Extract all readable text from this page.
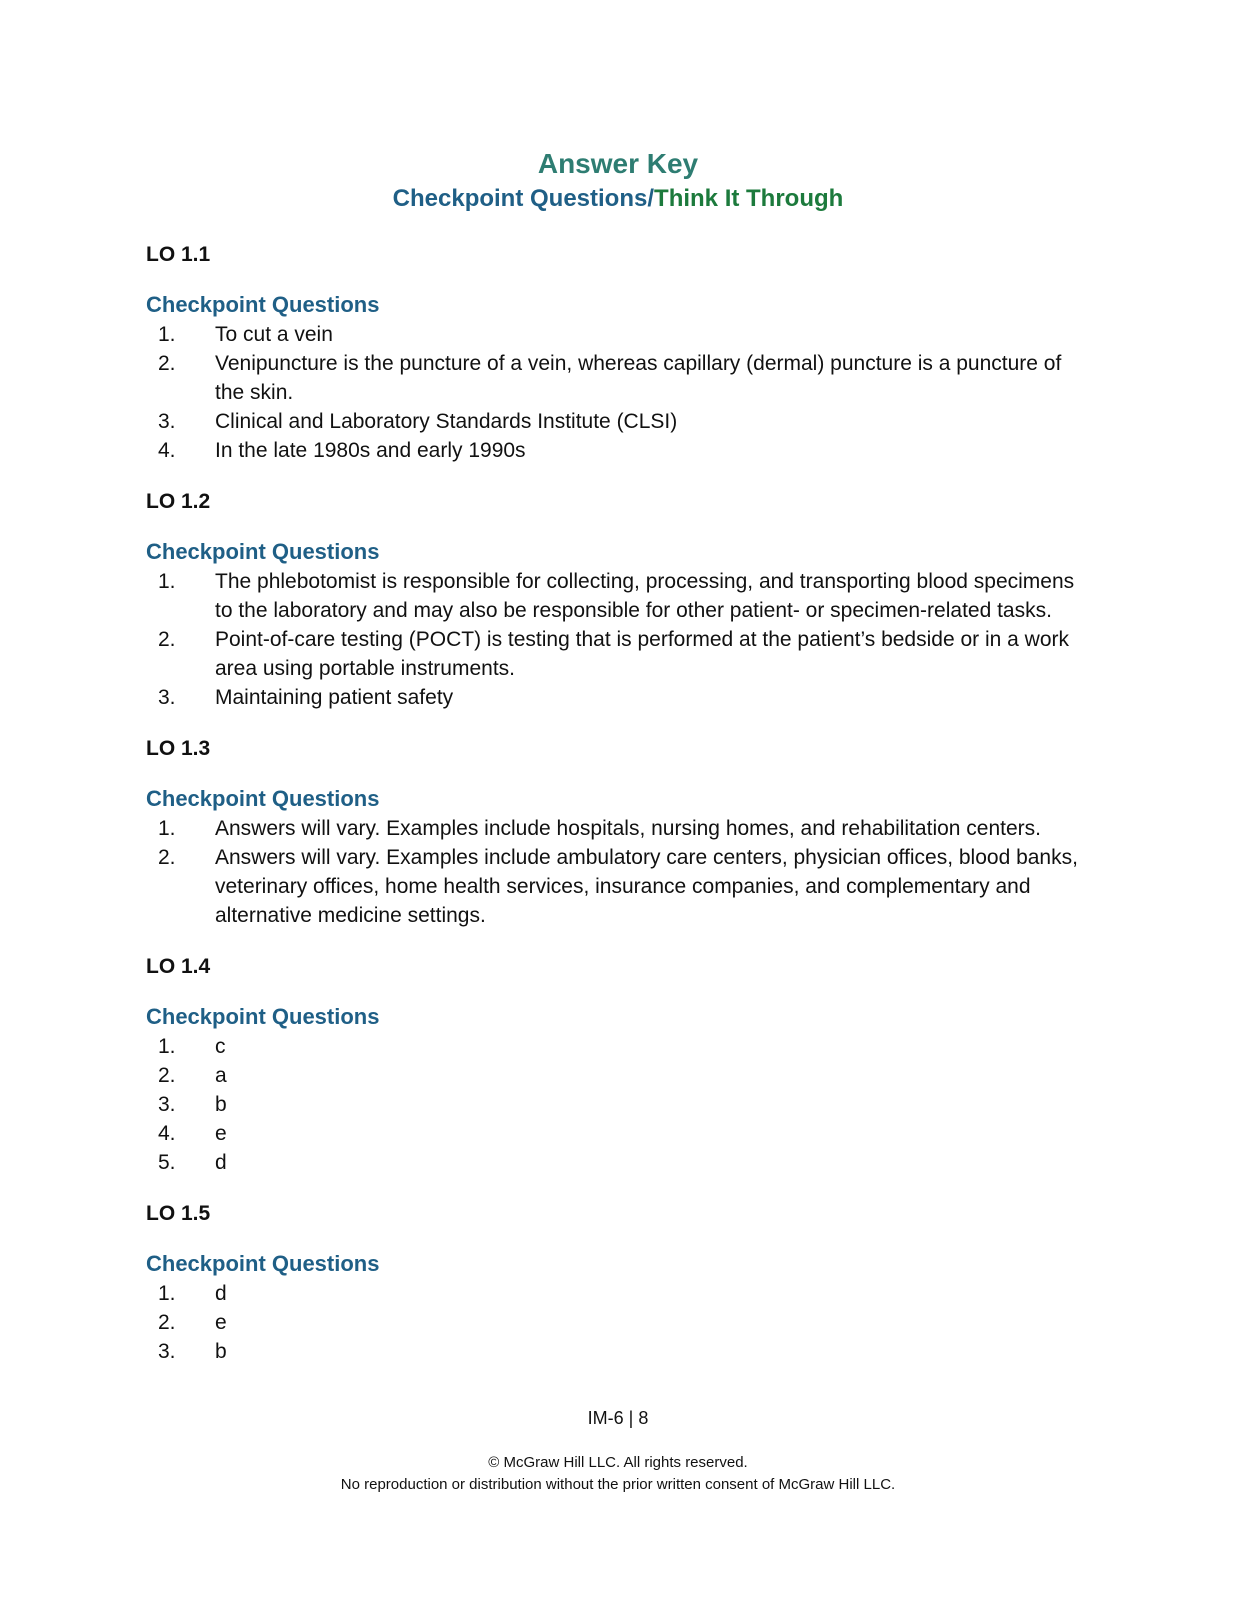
Answer Key

Checkpoint Questions/Think It Through

LO 1.1
Checkpoint Questions
1. To cut a vein
2. Venipuncture is the puncture of a vein, whereas capillary (dermal) puncture is a puncture of the skin.
3. Clinical and Laboratory Standards Institute (CLSI)
4. In the late 1980s and early 1990s
LO 1.2
Checkpoint Questions
1. The phlebotomist is responsible for collecting, processing, and transporting blood specimens to the laboratory and may also be responsible for other patient- or specimen-related tasks.
2. Point-of-care testing (POCT) is testing that is performed at the patient’s bedside or in a work area using portable instruments.
3. Maintaining patient safety
LO 1.3
Checkpoint Questions
1. Answers will vary. Examples include hospitals, nursing homes, and rehabilitation centers.
2. Answers will vary. Examples include ambulatory care centers, physician offices, blood banks, veterinary offices, home health services, insurance companies, and complementary and alternative medicine settings.
LO 1.4
Checkpoint Questions
1. c
2. a
3. b
4. e
5. d
LO 1.5
Checkpoint Questions
1. d
2. e
3. b
IM-6 | 8
© McGraw Hill LLC. All rights reserved.
No reproduction or distribution without the prior written consent of McGraw Hill LLC.
